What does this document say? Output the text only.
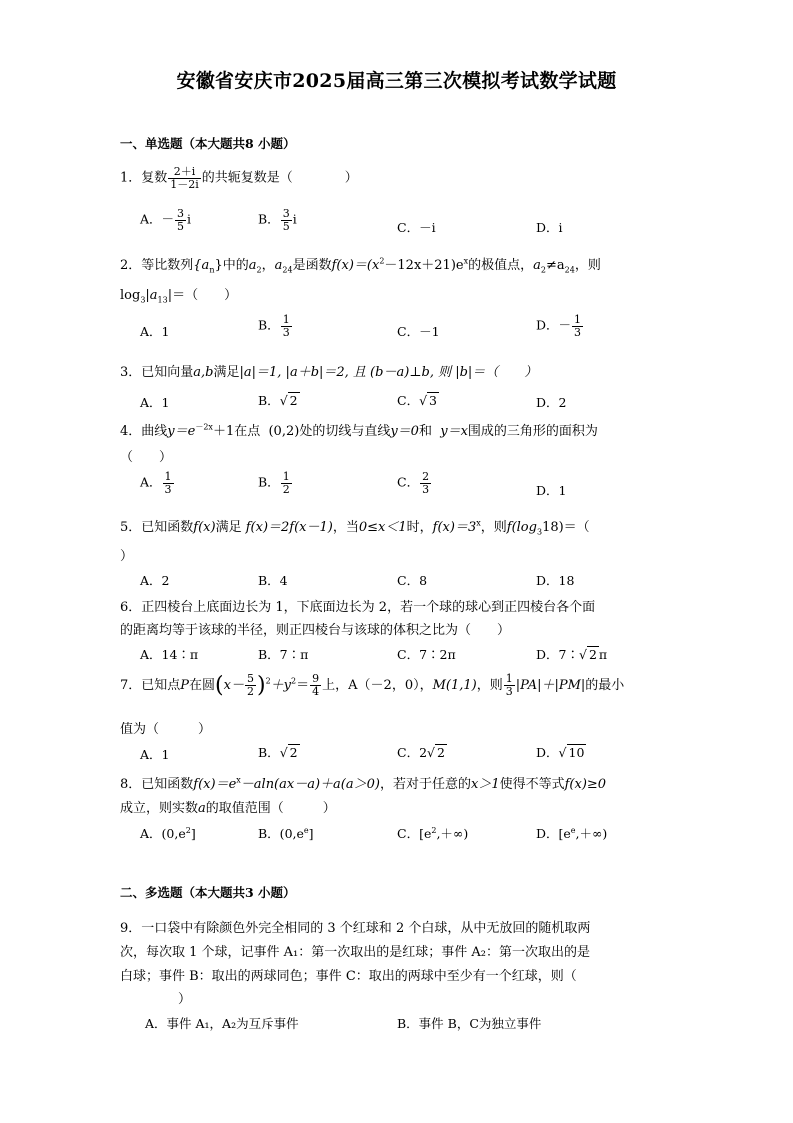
安徽省安庆市2025届高三第三次模拟考试数学试题
一、单选题（本大题共8 小题）
1．复数 $\frac{2+i}{1-2i}$ 的共轭复数是（　　　　）
A．－ $\frac{3}{5}$ i	B． $\frac{3}{5}$ i
C．－i	D．i
2．等比数列$\{a_n\}$中的$a_2$，$a_{24}$是函数$f(x)=(x^2-12x+21)e^x$的极值点，$a_2\ne a_{24}$，则
$\log_3|a_{13}|=$（　　）
A．1	B． $\frac{1}{3}$	C．－1	D．－ $\frac{1}{3}$
3．已知向量a,b满足|a|＝1, |a＋b|＝2, 且 (b－a)⊥b, 则 |b|＝（　　）
A．1	B．√ 2	C．√ 3	D．2
4．曲线$y=e^{-2x}+1$在点 (0,2)处的切线与直线y＝0和 y＝x围成的三角形的面积为
（　　）
A． $\frac{1}{3}$	B． $\frac{1}{2}$	C． $\frac{2}{3}$	D．1
5．已知函数f(x)满足 f(x)＝2f(x－1)，当0≤x＜1时，$f(x)=3^x$，则$f(\log_318)=$（
）
A．2	B．4	C．8	D．18
6．正四棱台上底面边长为 1，下底面边长为 2，若一个球的球心到正四棱台各个面
的距离均等于该球的半径，则正四棱台与该球的体积之比为（　　）
A．14∶π	B．7∶π	C．7∶2π	D．7∶√ 2 π
7．已知点P在圆$(x- \frac{5}{2} )^2+y^2= \frac{9}{4}$ 上，A（－2，0），M(1,1)，则 $\frac{1}{3} |PA|+|PM|$的最小
值为（　　　）
A．1	B．√ 2	C．2√ 2	D．√ 10
8．已知函数$f(x)=e^x-aln(ax-a)+a(a>0)$，若对于任意的x＞1使得不等式f(x)≥0
成立，则实数a的取值范围（　　　）
A．$(0,e^2]$	B．$(0,e^e]$	C．$[e^2,+\infty)$	D．$[e^e,+\infty)$
二、多选题（本大题共3 小题）
9．一口袋中有除颜色外完全相同的 3 个红球和 2 个白球，从中无放回的随机取两
次，每次取 1 个球，记事件 A₁：第一次取出的是红球；事件 A₂：第一次取出的是
白球；事件 B：取出的两球同色；事件 C：取出的两球中至少有一个红球，则（
）
A．事件 A₁，A₂为互斥事件	B．事件 B，C为独立事件
